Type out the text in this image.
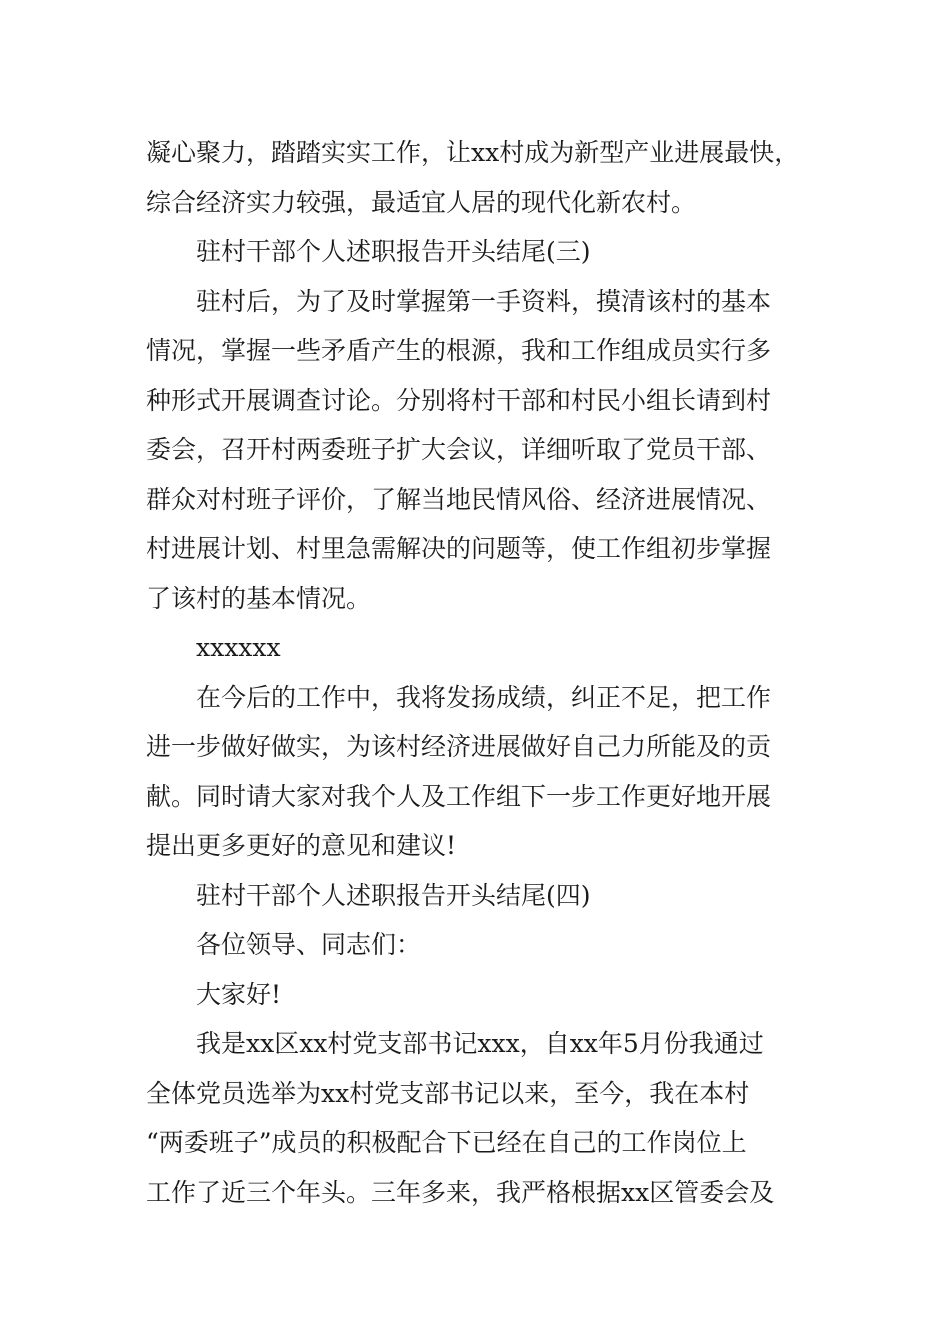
凝心聚力，踏踏实实工作，让xx村成为新型产业进展最快，
综合经济实力较强，最适宜人居的现代化新农村。
驻村干部个人述职报告开头结尾(三)
驻村后，为了及时掌握第一手资料，摸清该村的基本
情况，掌握一些矛盾产生的根源，我和工作组成员实行多
种形式开展调查讨论。分别将村干部和村民小组长请到村
委会，召开村两委班子扩大会议，详细听取了党员干部、
群众对村班子评价，了解当地民情风俗、经济进展情况、
村进展计划、村里急需解决的问题等，使工作组初步掌握
了该村的基本情况。
xxxxxx
在今后的工作中，我将发扬成绩，纠正不足，把工作
进一步做好做实，为该村经济进展做好自己力所能及的贡
献。同时请大家对我个人及工作组下一步工作更好地开展
提出更多更好的意见和建议!
驻村干部个人述职报告开头结尾(四)
各位领导、同志们：
大家好!
我是xx区xx村党支部书记xxx，自xx年5月份我通过
全体党员选举为xx村党支部书记以来，至今，我在本村
“两委班子”成员的积极配合下已经在自己的工作岗位上
工作了近三个年头。三年多来，我严格根据xx区管委会及
